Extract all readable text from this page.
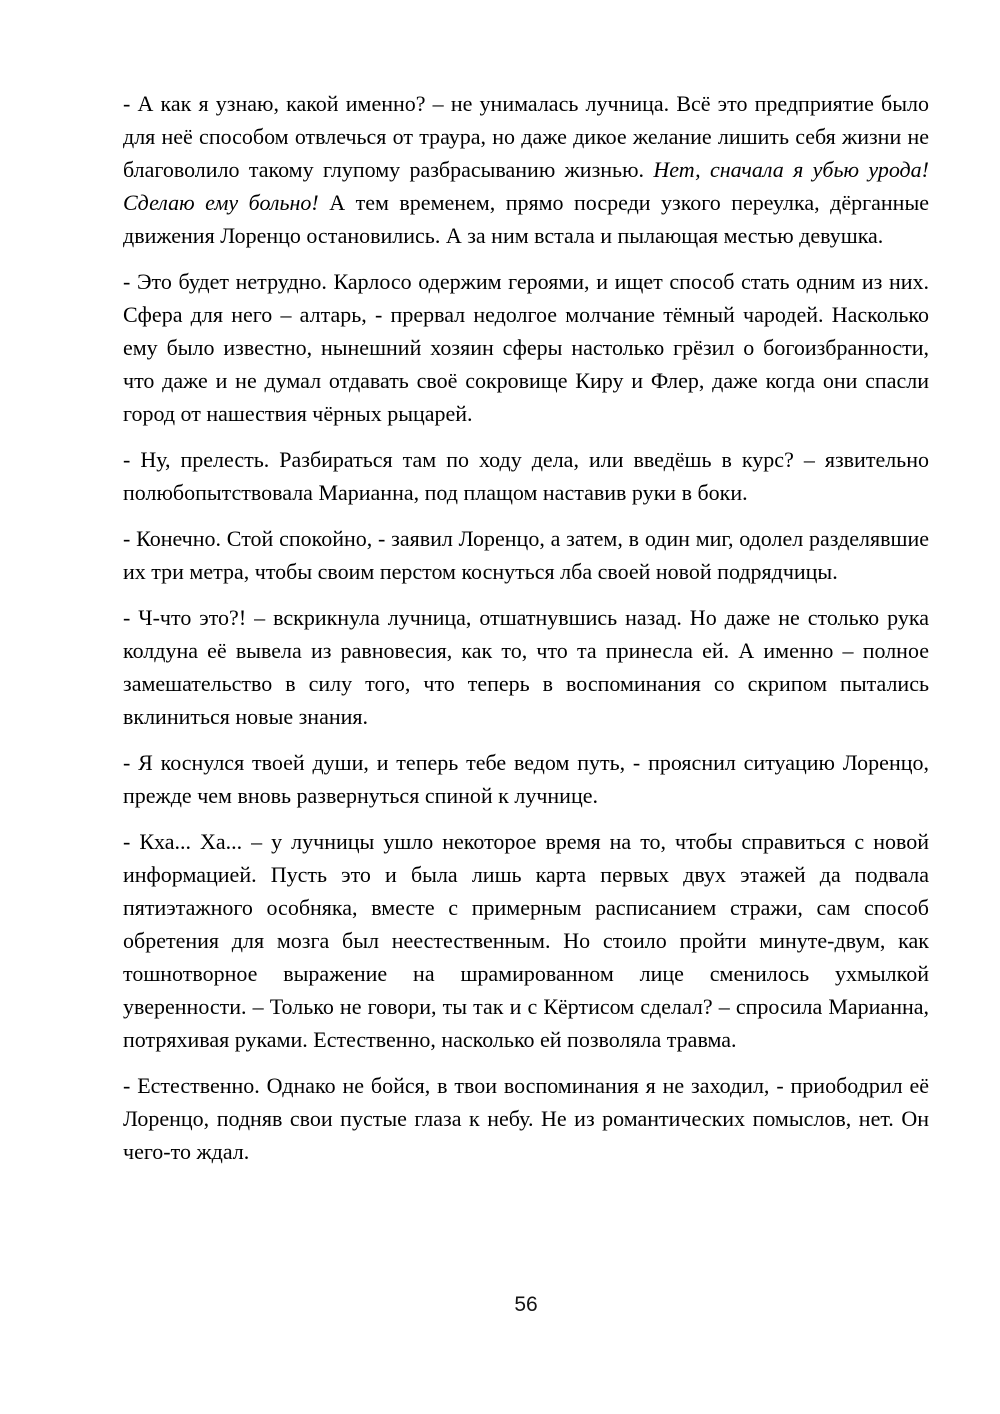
- А как я узнаю, какой именно? – не унималась лучница. Всё это предприятие было для неё способом отвлечься от траура, но даже дикое желание лишить себя жизни не благоволило такому глупому разбрасыванию жизнью. Нет, сначала я убью урода! Сделаю ему больно! А тем временем, прямо посреди узкого переулка, дёрганные движения Лоренцо остановились. А за ним встала и пылающая местью девушка.

- Это будет нетрудно. Карлосо одержим героями, и ищет способ стать одним из них. Сфера для него – алтарь, - прервал недолгое молчание тёмный чародей. Насколько ему было известно, нынешний хозяин сферы настолько грёзил о богоизбранности, что даже и не думал отдавать своё сокровище Киру и Флер, даже когда они спасли город от нашествия чёрных рыцарей.

- Ну, прелесть. Разбираться там по ходу дела, или введёшь в курс? – язвительно полюбопытствовала Марианна, под плащом наставив руки в боки.

- Конечно. Стой спокойно, - заявил Лоренцо, а затем, в один миг, одолел разделявшие их три метра, чтобы своим перстом коснуться лба своей новой подрядчицы.

- Ч-что это?! – вскрикнула лучница, отшатнувшись назад. Но даже не столько рука колдуна её вывела из равновесия, как то, что та принесла ей. А именно – полное замешательство в силу того, что теперь в воспоминания со скрипом пытались вклиниться новые знания.

- Я коснулся твоей души, и теперь тебе ведом путь, - прояснил ситуацию Лоренцо, прежде чем вновь развернуться спиной к лучнице.

- Кха... Ха... – у лучницы ушло некоторое время на то, чтобы справиться с новой информацией. Пусть это и была лишь карта первых двух этажей да подвала пятиэтажного особняка, вместе с примерным расписанием стражи, сам способ обретения для мозга был неестественным. Но стоило пройти минуте-двум, как тошнотворное выражение на шрамированном лице сменилось ухмылкой уверенности. – Только не говори, ты так и с Кёртисом сделал? – спросила Марианна, потряхивая руками. Естественно, насколько ей позволяла травма.

- Естественно. Однако не бойся, в твои воспоминания я не заходил, - приободрил её Лоренцо, подняв свои пустые глаза к небу. Не из романтических помыслов, нет. Он чего-то ждал.

56
